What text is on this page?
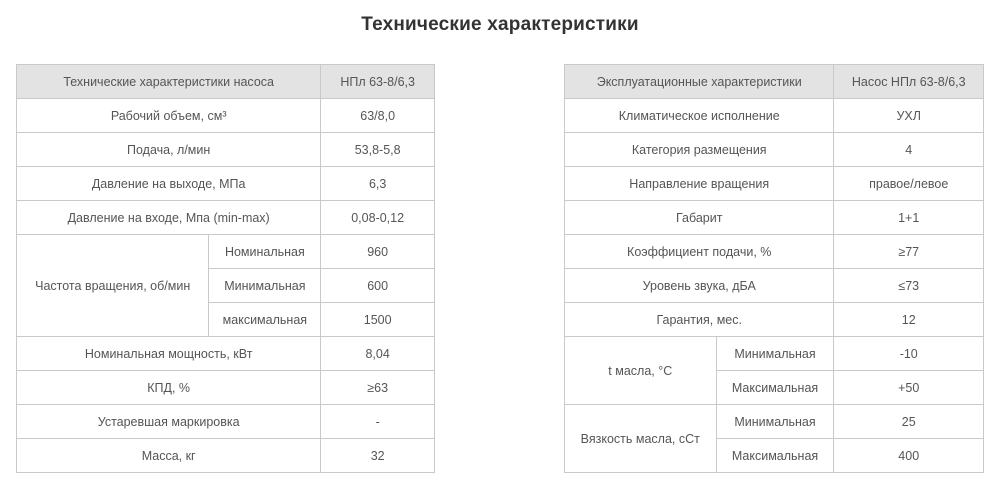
Технические характеристики
Технические характеристики насоса		НПл 63-8/6,3
Рабочий объем, см³		63/8,0
Подача, л/мин		53,8-5,8
Давление на выходе, МПа		6,3
Давление на входе, Мпа (min-max)		0,08-0,12
Частота вращения, об/мин	Номинальная	960
	Минимальная	600
	максимальная	1500
Номинальная мощность, кВт		8,04
КПД, %		≥63
Устаревшая маркировка		-
Масса, кг		32
Эксплуатационные характеристики		Насос НПл 63-8/6,3
Климатическое исполнение		УХЛ
Категория размещения		4
Направление вращения		правое/левое
Габарит		1+1
Коэффициент подачи, %		≥77
Уровень звука, дБА		≤73
Гарантия, мес.		12
t масла, °С	Минимальная	-10
	Максимальная	+50
Вязкость масла, сСт	Минимальная	25
	Максимальная	400
